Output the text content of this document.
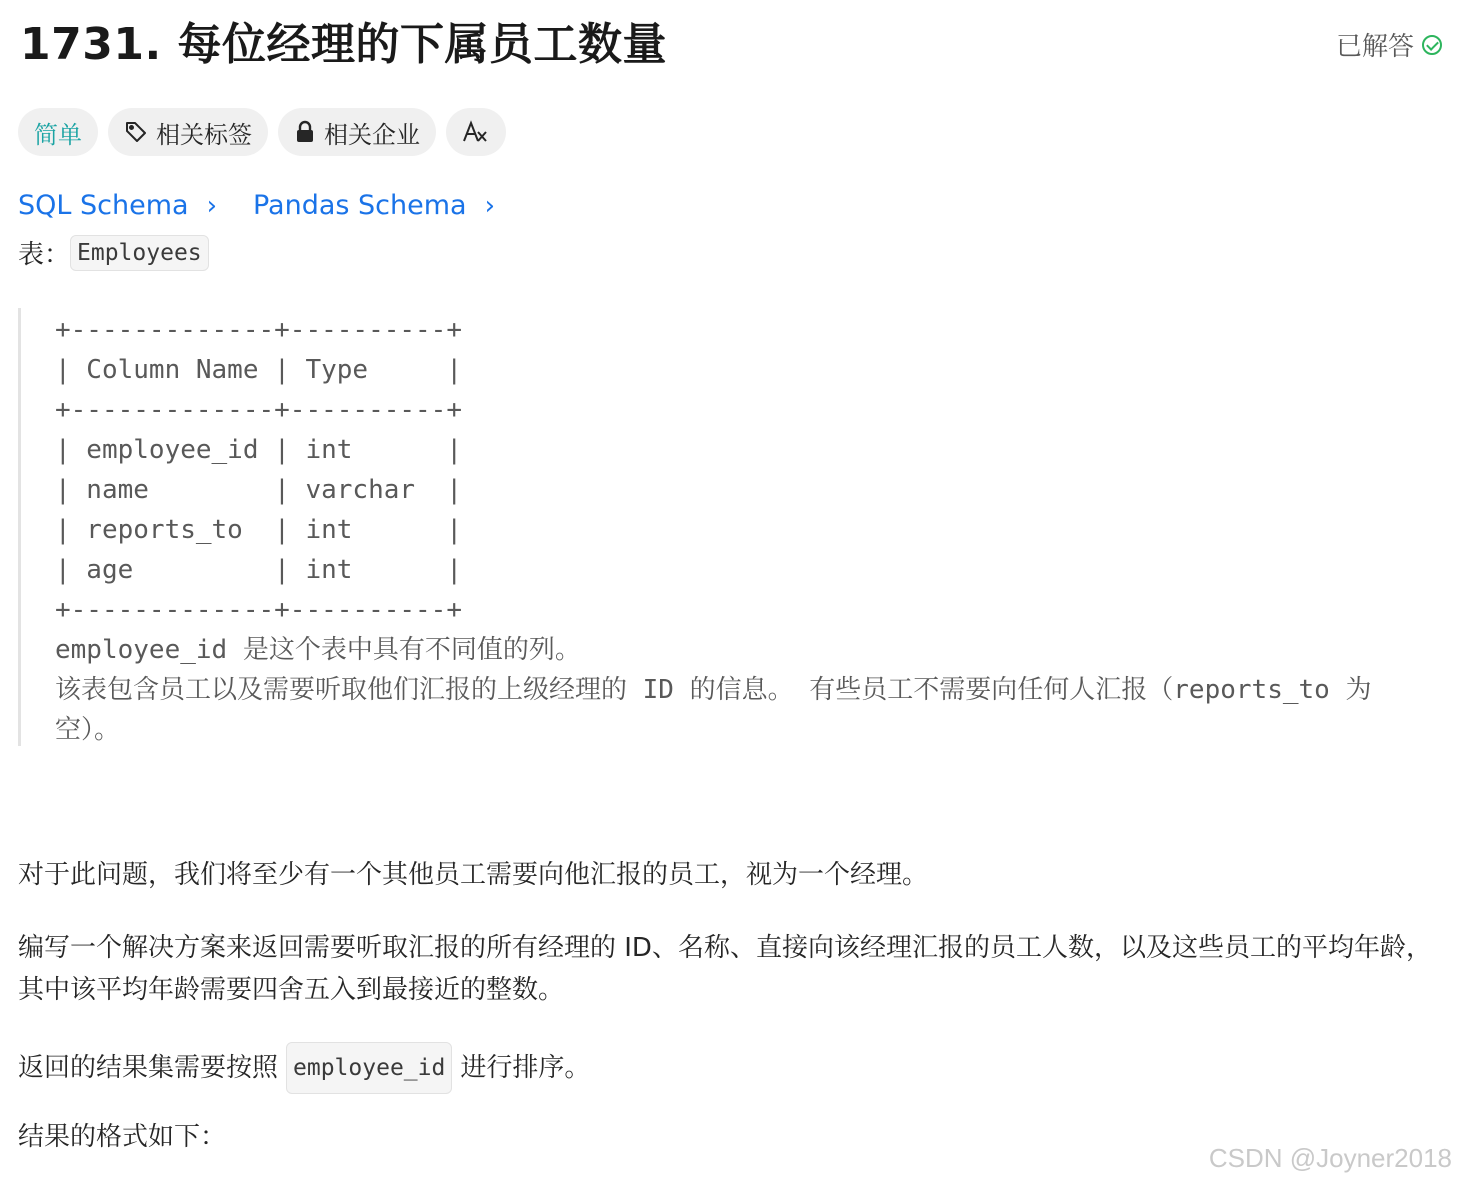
1731. 每位经理的下属员工数量	已解答
简单	相关标签	相关企业
SQL Schema › Pandas Schema ›
表： Employees
+-------------+----------+
| Column Name | Type     |
+-------------+----------+
| employee_id | int      |
| name        | varchar  |
| reports_to  | int      |
| age         | int      |
+-------------+----------+
employee_id 是这个表中具有不同值的列。
该表包含员工以及需要听取他们汇报的上级经理的 ID 的信息。 有些员工不需要向任何人汇报（reports_to 为空）。

对于此问题，我们将至少有一个其他员工需要向他汇报的员工，视为一个经理。

编写一个解决方案来返回需要听取汇报的所有经理的 ID、名称、直接向该经理汇报的员工人数，以及这些员工的平均年龄，其中该平均年龄需要四舍五入到最接近的整数。

返回的结果集需要按照 employee_id 进行排序。

结果的格式如下：

CSDN @Joyner2018
